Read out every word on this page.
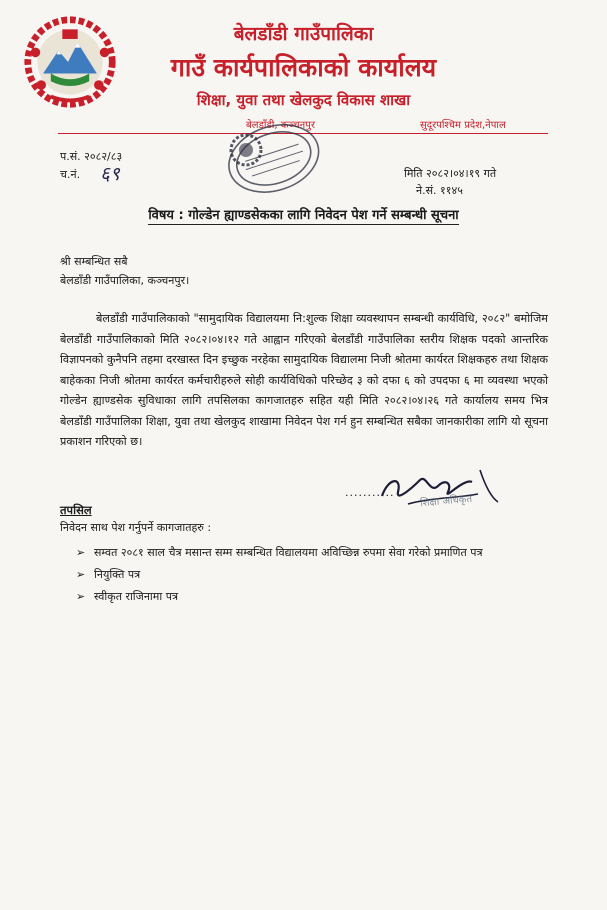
बेलडाँडी गाउँपालिका
गाउँ कार्यपालिकाको कार्यालय
शिक्षा, युवा तथा खेलकुद विकास शाखा
बेलडाँडी, कञ्चनपुर	सुदूरपश्चिम प्रदेश,नेपाल
प.सं. २०८२/८३
च.नं. ६९	मिति २०८२।०४।१९ गते
ने.सं. ११४५
विषय : गोल्डेन ह्याण्डसेकका लागि निवेदन पेश गर्ने सम्बन्धी सूचना
श्री सम्बन्धित सबै
बेलडाँडी गाउँपालिका, कञ्चनपुर।
बेलडाँडी गाउँपालिकाको "सामुदायिक विद्यालयमा नि:शुल्क शिक्षा व्यवस्थापन सम्बन्धी कार्यविधि, २०८२" बमोजिम बेलडाँडी गाउँपालिकाको मिति २०८२।०४।१२ गते आह्वान गरिएको बेलडाँडी गाउँपालिका स्तरीय शिक्षक पदको आन्तरिक विज्ञापनको कुनैपनि तहमा दरखास्त दिन इच्छुक नरहेका सामुदायिक विद्यालमा निजी श्रोतमा कार्यरत शिक्षकहरु तथा शिक्षक बाहेकका निजी श्रोतमा कार्यरत कर्मचारीहरुले सोही कार्यविधिको परिच्छेद ३ को दफा ६ को उपदफा ६ मा व्यवस्था भएको गोल्डेन ह्याण्डसेक सुविधाका लागि तपसिलका कागजातहरु सहित यही मिति २०८२।०४।२६ गते कार्यालय समय भित्र बेलडाँडी गाउँपालिका शिक्षा, युवा तथा खेलकुद शाखामा निवेदन पेश गर्न हुन सम्बन्धित सबैका जानकारीका लागि यो सूचना प्रकाशन गरिएको छ।
...........
शिक्षा अधिकृत
तपसिल
निवेदन साथ पेश गर्नुपर्ने कागजातहरु :
➢ सम्वत २०८१ साल चैत्र मसान्त सम्म सम्बन्धित विद्यालयमा अविच्छिन्न रुपमा सेवा गरेको प्रमाणित पत्र
➢ नियुक्ति पत्र
➢ स्वीकृत राजिनामा पत्र
